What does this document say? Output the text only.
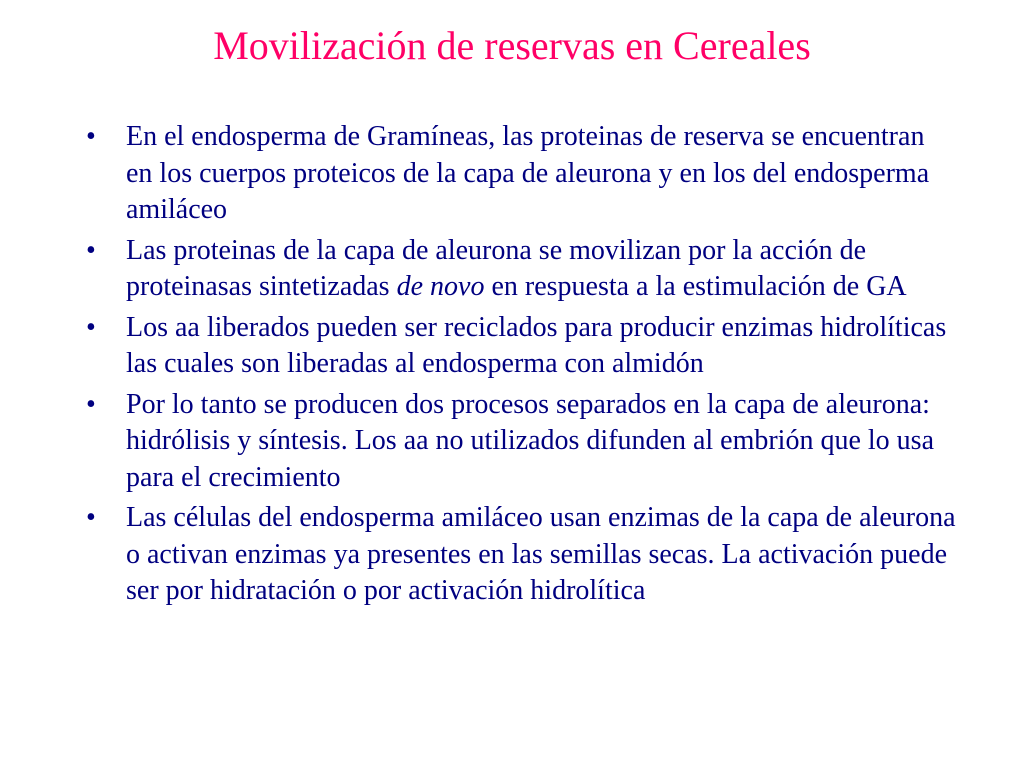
Movilización de reservas en Cereales
•	En el endosperma de Gramíneas, las proteinas de reserva se encuentran en los cuerpos proteicos de la capa de aleurona y en los del endosperma amiláceo
•	Las proteinas de la capa de aleurona se movilizan por la acción de proteinasas sintetizadas de novo en respuesta a la estimulación de GA
•	Los aa liberados pueden ser reciclados para producir enzimas hidrolíticas las cuales son liberadas al endosperma con almidón
•	Por lo tanto se producen dos procesos separados en la capa de aleurona: hidrólisis y síntesis. Los aa no utilizados difunden al embrión que lo usa para el crecimiento
•	Las células del endosperma amiláceo usan enzimas de la capa de aleurona o activan enzimas ya presentes en las semillas secas. La activación puede ser por hidratación o por activación hidrolítica
